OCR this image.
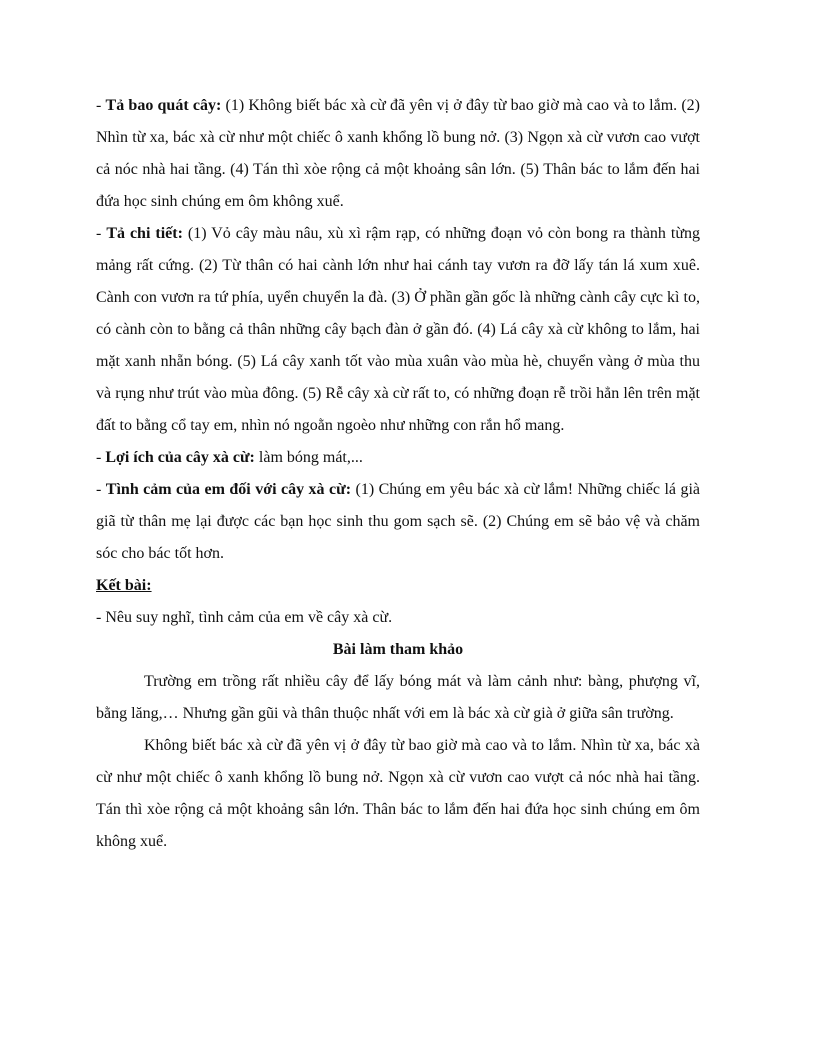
- Tả bao quát cây: (1) Không biết bác xà cừ đã yên vị ở đây từ bao giờ mà cao và to lắm. (2) Nhìn từ xa, bác xà cừ như một chiếc ô xanh khổng lồ bung nở. (3) Ngọn xà cừ vươn cao vượt cả nóc nhà hai tầng. (4) Tán thì xòe rộng cả một khoảng sân lớn. (5) Thân bác to lắm đến hai đứa học sinh chúng em ôm không xuể.

- Tả chi tiết: (1) Vỏ cây màu nâu, xù xì rậm rạp, có những đoạn vỏ còn bong ra thành từng mảng rất cứng. (2) Từ thân có hai cành lớn như hai cánh tay vươn ra đỡ lấy tán lá xum xuê. Cành con vươn ra tứ phía, uyển chuyển la đà. (3) Ở phần gần gốc là những cành cây cực kì to, có cành còn to bằng cả thân những cây bạch đàn ở gần đó. (4) Lá cây xà cừ không to lắm, hai mặt xanh nhẵn bóng. (5) Lá cây xanh tốt vào mùa xuân vào mùa hè, chuyển vàng ở mùa thu và rụng như trút vào mùa đông. (5) Rễ cây xà cừ rất to, có những đoạn rễ trồi hẳn lên trên mặt đất to bằng cổ tay em, nhìn nó ngoằn ngoèo như những con rắn hổ mang.

- Lợi ích của cây xà cừ: làm bóng mát,...

- Tình cảm của em đối với cây xà cừ: (1) Chúng em yêu bác xà cừ lắm! Những chiếc lá già giã từ thân mẹ lại được các bạn học sinh thu gom sạch sẽ. (2) Chúng em sẽ bảo vệ và chăm sóc cho bác tốt hơn.

Kết bài:

- Nêu suy nghĩ, tình cảm của em về cây xà cừ.

Bài làm tham khảo

Trường em trồng rất nhiều cây để lấy bóng mát và làm cảnh như: bàng, phượng vĩ, bằng lăng,… Nhưng gần gũi và thân thuộc nhất với em là bác xà cừ già ở giữa sân trường.

Không biết bác xà cừ đã yên vị ở đây từ bao giờ mà cao và to lắm. Nhìn từ xa, bác xà cừ như một chiếc ô xanh khổng lồ bung nở. Ngọn xà cừ vươn cao vượt cả nóc nhà hai tầng. Tán thì xòe rộng cả một khoảng sân lớn. Thân bác to lắm đến hai đứa học sinh chúng em ôm không xuể.
